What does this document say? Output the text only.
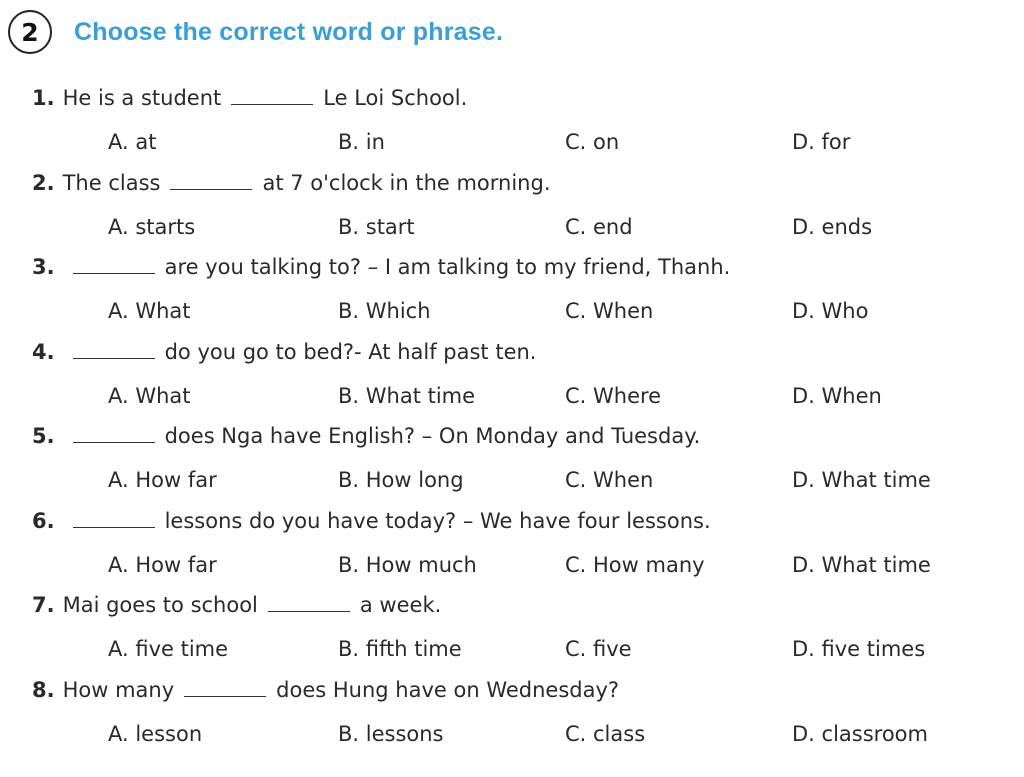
2	Choose the correct word or phrase.
1. He is a student	Le Loi School.
A. at	B. in	C. on	D. for
2. The class	at 7 o'clock in the morning.
A. starts	B. start	C. end	D. ends
3.	are you talking to? – I am talking to my friend, Thanh.
A. What	B. Which	C. When	D. Who
4.	do you go to bed?- At half past ten.
A. What	B. What time	C. Where	D. When
5.	does Nga have English? – On Monday and Tuesday.
A. How far	B. How long	C. When	D. What time
6.	lessons do you have today? – We have four lessons.
A. How far	B. How much	C. How many	D. What time
7. Mai goes to school	a week.
A. five time	B. fifth time	C. five	D. five times
8. How many	does Hung have on Wednesday?
A. lesson	B. lessons	C. class	D. classroom
